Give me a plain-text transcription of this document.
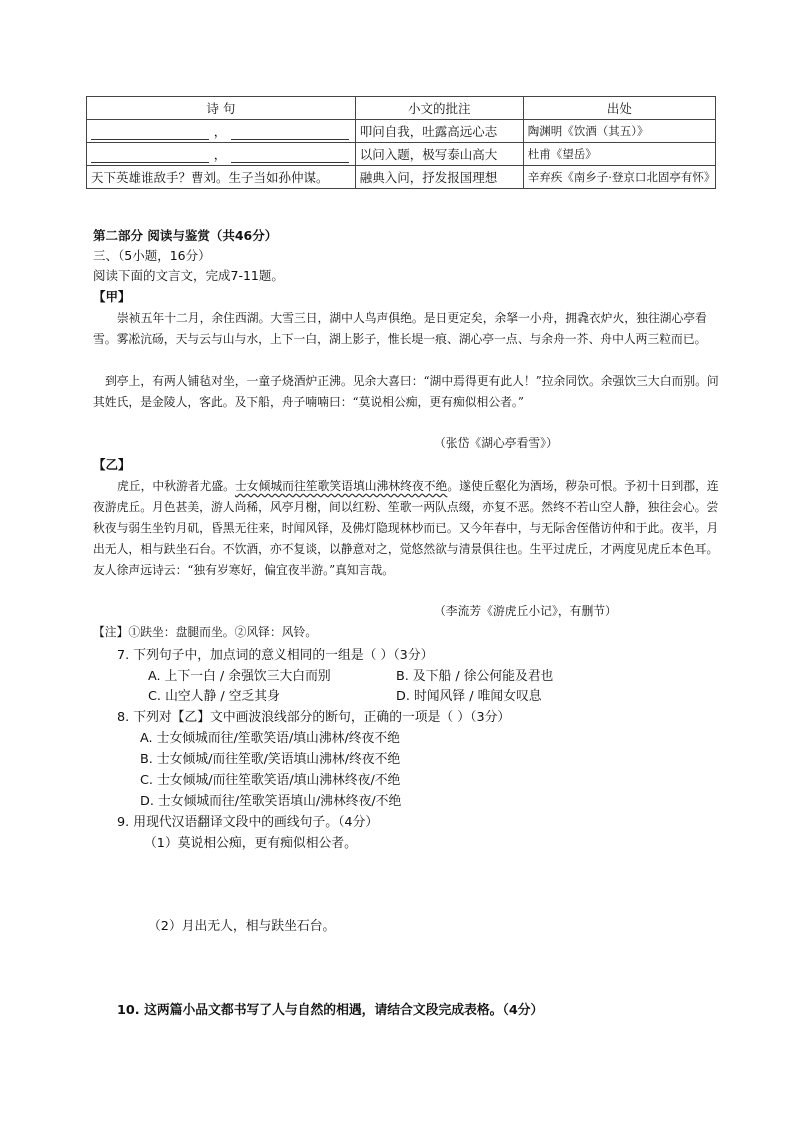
诗 句	小文的批注	出处
，	叩问自我，吐露高远心志	陶渊明《饮酒（其五）》
，	以问入题，极写泰山高大	杜甫《望岳》
天下英雄谁敌手？曹刘。生子当如孙仲谋。	融典入问，抒发报国理想	辛弃疾《南乡子·登京口北固亭有怀》
第二部分 阅读与鉴赏（共46分）
三、（5小题，16分）
阅读下面的文言文，完成7-11题。
【甲】
崇祯五年十二月，余住西湖。大雪三日，湖中人鸟声俱绝。是日更定矣，余拏一小舟，拥毳衣炉火，独往湖心亭看雪。雾凇沆砀，天与云与山与水，上下一白，湖上影子，惟长堤一痕、湖心亭一点、与余舟一芥、舟中人两三粒而已。
到亭上，有两人铺毡对坐，一童子烧酒炉正沸。见余大喜曰：“湖中焉得更有此人！”拉余同饮。余强饮三大白而别。问其姓氏，是金陵人，客此。及下船，舟子喃喃曰：“莫说相公痴，更有痴似相公者。”
（张岱《湖心亭看雪》）
【乙】
虎丘，中秋游者尤盛。士女倾城而往笙歌笑语填山沸林终夜不绝。遂使丘壑化为酒场，秽杂可恨。予初十日到郡，连夜游虎丘。月色甚美，游人尚稀，风亭月榭，间以红粉、笙歌一两队点缀，亦复不恶。然终不若山空人静，独往会心。尝秋夜与弱生坐钓月矶，昏黑无往来，时闻风铎，及佛灯隐现林杪而已。又今年春中，与无际舍侄偕访仲和于此。夜半，月出无人，相与趺坐石台。不饮酒，亦不复谈，以静意对之，觉悠然欲与清景俱往也。生平过虎丘，才两度见虎丘本色耳。友人徐声远诗云：“独有岁寒好，偏宜夜半游。”真知言哉。
（李流芳《游虎丘小记》，有删节）
【注】①趺坐：盘腿而坐。②风铎：风铃。
7. 下列句子中，加点词的意义相同的一组是（ ）（3分）
A. 上下一白 / 余强饮三大白而别	B. 及下船 / 徐公何能及君也
C. 山空人静 / 空乏其身	D. 时闻风铎 / 唯闻女叹息
8. 下列对【乙】文中画波浪线部分的断句，正确的一项是（ ）（3分）
A. 士女倾城而往/笙歌笑语/填山沸林/终夜不绝
B. 士女倾城/而往笙歌/笑语填山沸林/终夜不绝
C. 士女倾城/而往笙歌笑语/填山沸林终夜/不绝
D. 士女倾城而往/笙歌笑语填山/沸林终夜/不绝
9. 用现代汉语翻译文段中的画线句子。（4分）
（1）莫说相公痴，更有痴似相公者。
（2）月出无人，相与趺坐石台。
10. 这两篇小品文都书写了人与自然的相遇，请结合文段完成表格。（4分）
